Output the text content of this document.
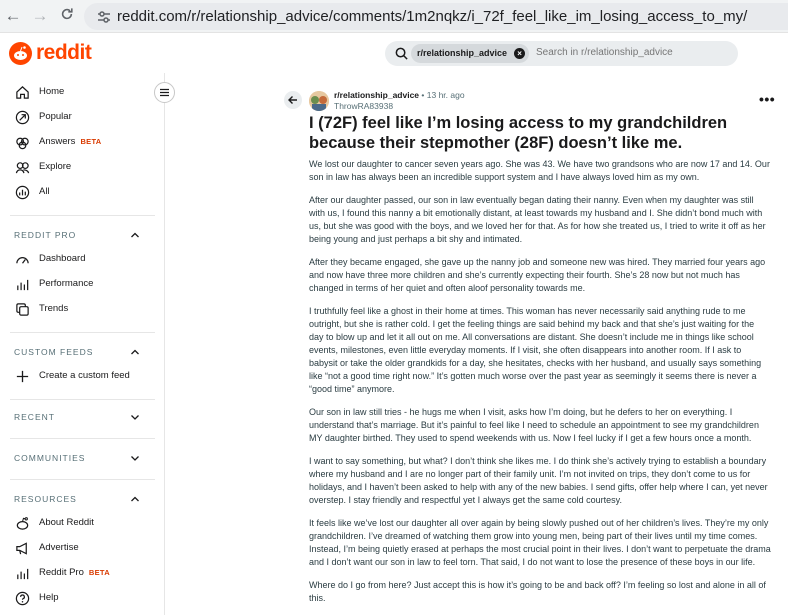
← →	reddit.com/r/relationship_advice/comments/1m2nqkz/i_72f_feel_like_im_losing_access_to_my/
reddit	r/relationship_advice	×	Search in r/relationship_advice
Home
Popular
Answers BETA
Explore
All
REDDIT PRO
Dashboard
Performance
Trends
CUSTOM FEEDS
Create a custom feed
RECENT
COMMUNITIES
RESOURCES
About Reddit
Advertise
Reddit Pro BETA
Help
r/relationship_advice • 13 hr. ago
ThrowRA83938	•••
I (72F) feel like I’m losing access to my grandchildren because their stepmother (28F) doesn’t like me.

We lost our daughter to cancer seven years ago. She was 43. We have two grandsons who are now 17 and 14. Our son in law has always been an incredible support system and I have always loved him as my own.

After our daughter passed, our son in law eventually began dating their nanny. Even when my daughter was still with us, I found this nanny a bit emotionally distant, at least towards my husband and I. She didn’t bond much with us, but she was good with the boys, and we loved her for that. As for how she treated us, I tried to write it off as her being young and just perhaps a bit shy and intimated.

After they became engaged, she gave up the nanny job and someone new was hired. They married four years ago and now have three more children and she’s currently expecting their fourth. She’s 28 now but not much has changed in terms of her quiet and often aloof personality towards me.

I truthfully feel like a ghost in their home at times. This woman has never necessarily said anything rude to me outright, but she is rather cold. I get the feeling things are said behind my back and that she’s just waiting for the day to blow up and let it all out on me. All conversations are distant. She doesn’t include me in things like school events, milestones, even little everyday moments. If I visit, she often disappears into another room. If I ask to babysit or take the older grandkids for a day, she hesitates, checks with her husband, and usually says something like “not a good time right now.” It’s gotten much worse over the past year as seemingly it seems there is never a “good time” anymore.

Our son in law still tries - he hugs me when I visit, asks how I’m doing, but he defers to her on everything. I understand that’s marriage. But it’s painful to feel like I need to schedule an appointment to see my grandchildren MY daughter birthed. They used to spend weekends with us. Now I feel lucky if I get a few hours once a month.

I want to say something, but what? I don’t think she likes me. I do think she’s actively trying to establish a boundary where my husband and I are no longer part of their family unit. I’m not invited on trips, they don’t come to us for holidays, and I haven’t been asked to help with any of the new babies. I send gifts, offer help where I can, yet never overstep. I stay friendly and respectful yet I always get the same cold courtesy.

It feels like we’ve lost our daughter all over again by being slowly pushed out of her children’s lives. They’re my only grandchildren. I’ve dreamed of watching them grow into young men, being part of their lives until my time comes. Instead, I’m being quietly erased at perhaps the most crucial point in their lives. I don’t want to perpetuate the drama and I don’t want our son in law to feel torn. That said, I do not want to lose the presence of these boys in our life.

Where do I go from here? Just accept this is how it’s going to be and back off? I’m feeling so lost and alone in all of this.
